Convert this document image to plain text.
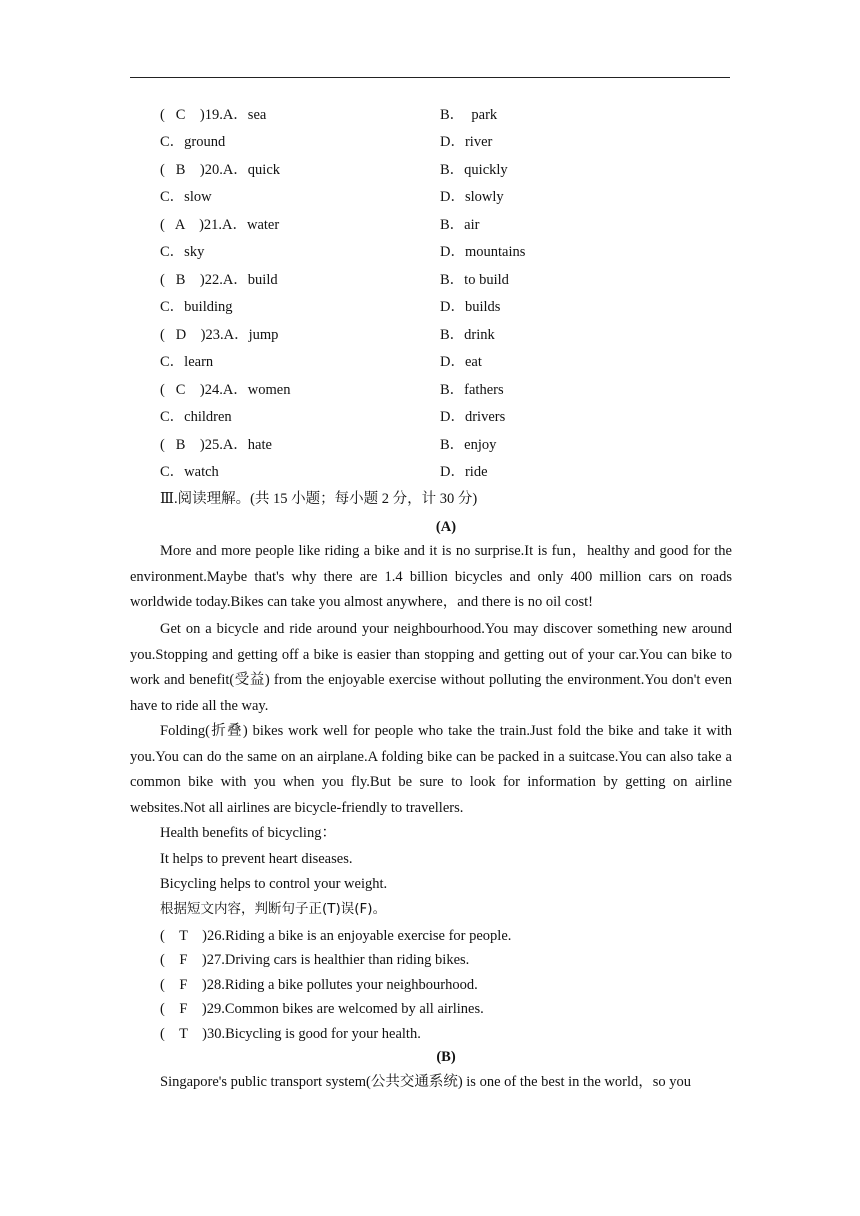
(   C    )19.A．sea	B．  park
C．ground	D．river
(   B    )20.A．quick	B．quickly
C．slow	D．slowly
(   A    )21.A．water	B．air
C．sky	D．mountains
(   B    )22.A．build	B．to build
C．building	D．builds
(   D    )23.A．jump	B．drink
C．learn	D．eat
(   C    )24.A．women	B．fathers
C．children	D．drivers
(   B    )25.A．hate	B．enjoy
C．watch	D．ride
Ⅲ.阅读理解。(共 15 小题；每小题 2 分，计 30 分)
(A)
More and more people like riding a bike and it is no surprise.It is fun，healthy and good for the environment.Maybe that's why there are 1.4 billion bicycles and only 400 million cars on roads worldwide today.Bikes can take you almost anywhere，and there is no oil cost!
Get on a bicycle and ride around your neighbourhood.You may discover something new around you.Stopping and getting off a bike is easier than stopping and getting out of your car.You can bike to work and benefit(受益) from the enjoyable exercise without polluting the environment.You don't even have to ride all the way.
Folding(折叠) bikes work well for people who take the train.Just fold the bike and take it with you.You can do the same on an airplane.A folding bike can be packed in a suitcase.You can also take a common bike with you when you fly.But be sure to look for information by getting on airline websites.Not all airlines are bicycle-friendly to travellers.
Health benefits of bicycling：
It helps to prevent heart diseases.
Bicycling helps to control your weight.
根据短文内容，判断句子正(T)误(F)。
(    T    )26.Riding a bike is an enjoyable exercise for people.
(    F    )27.Driving cars is healthier than riding bikes.
(    F    )28.Riding a bike pollutes your neighbourhood.
(    F    )29.Common bikes are welcomed by all airlines.
(    T    )30.Bicycling is good for your health.
(B)
Singapore's public transport system(公共交通系统) is one of the best in the world，so you
